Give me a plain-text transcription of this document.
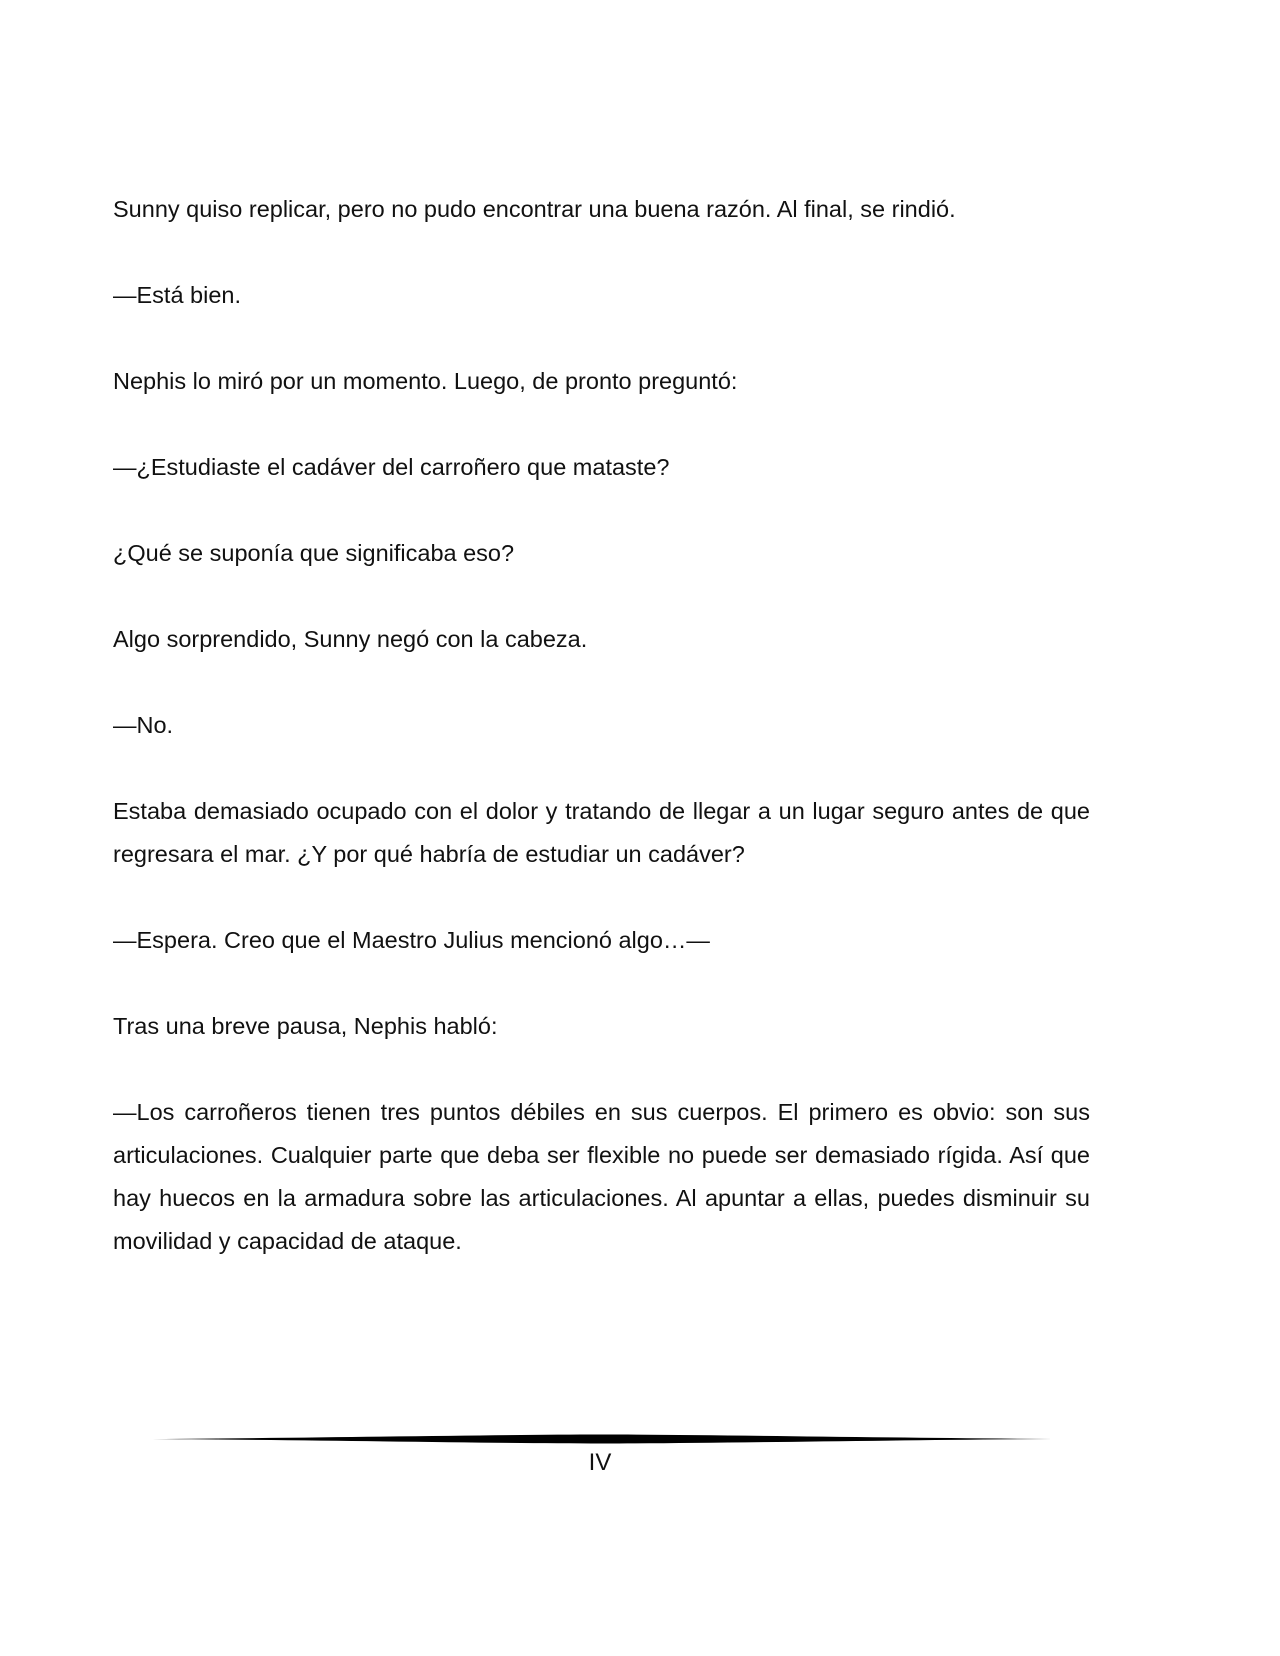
Sunny quiso replicar, pero no pudo encontrar una buena razón. Al final, se rindió.

—Está bien.

Nephis lo miró por un momento. Luego, de pronto preguntó:

—¿Estudiaste el cadáver del carroñero que mataste?

¿Qué se suponía que significaba eso?

Algo sorprendido, Sunny negó con la cabeza.

—No.

Estaba demasiado ocupado con el dolor y tratando de llegar a un lugar seguro antes de que regresara el mar. ¿Y por qué habría de estudiar un cadáver?

—Espera. Creo que el Maestro Julius mencionó algo…—

Tras una breve pausa, Nephis habló:

—Los carroñeros tienen tres puntos débiles en sus cuerpos. El primero es obvio: son sus articulaciones. Cualquier parte que deba ser flexible no puede ser demasiado rígida. Así que hay huecos en la armadura sobre las articulaciones. Al apuntar a ellas, puedes disminuir su movilidad y capacidad de ataque.

IV
